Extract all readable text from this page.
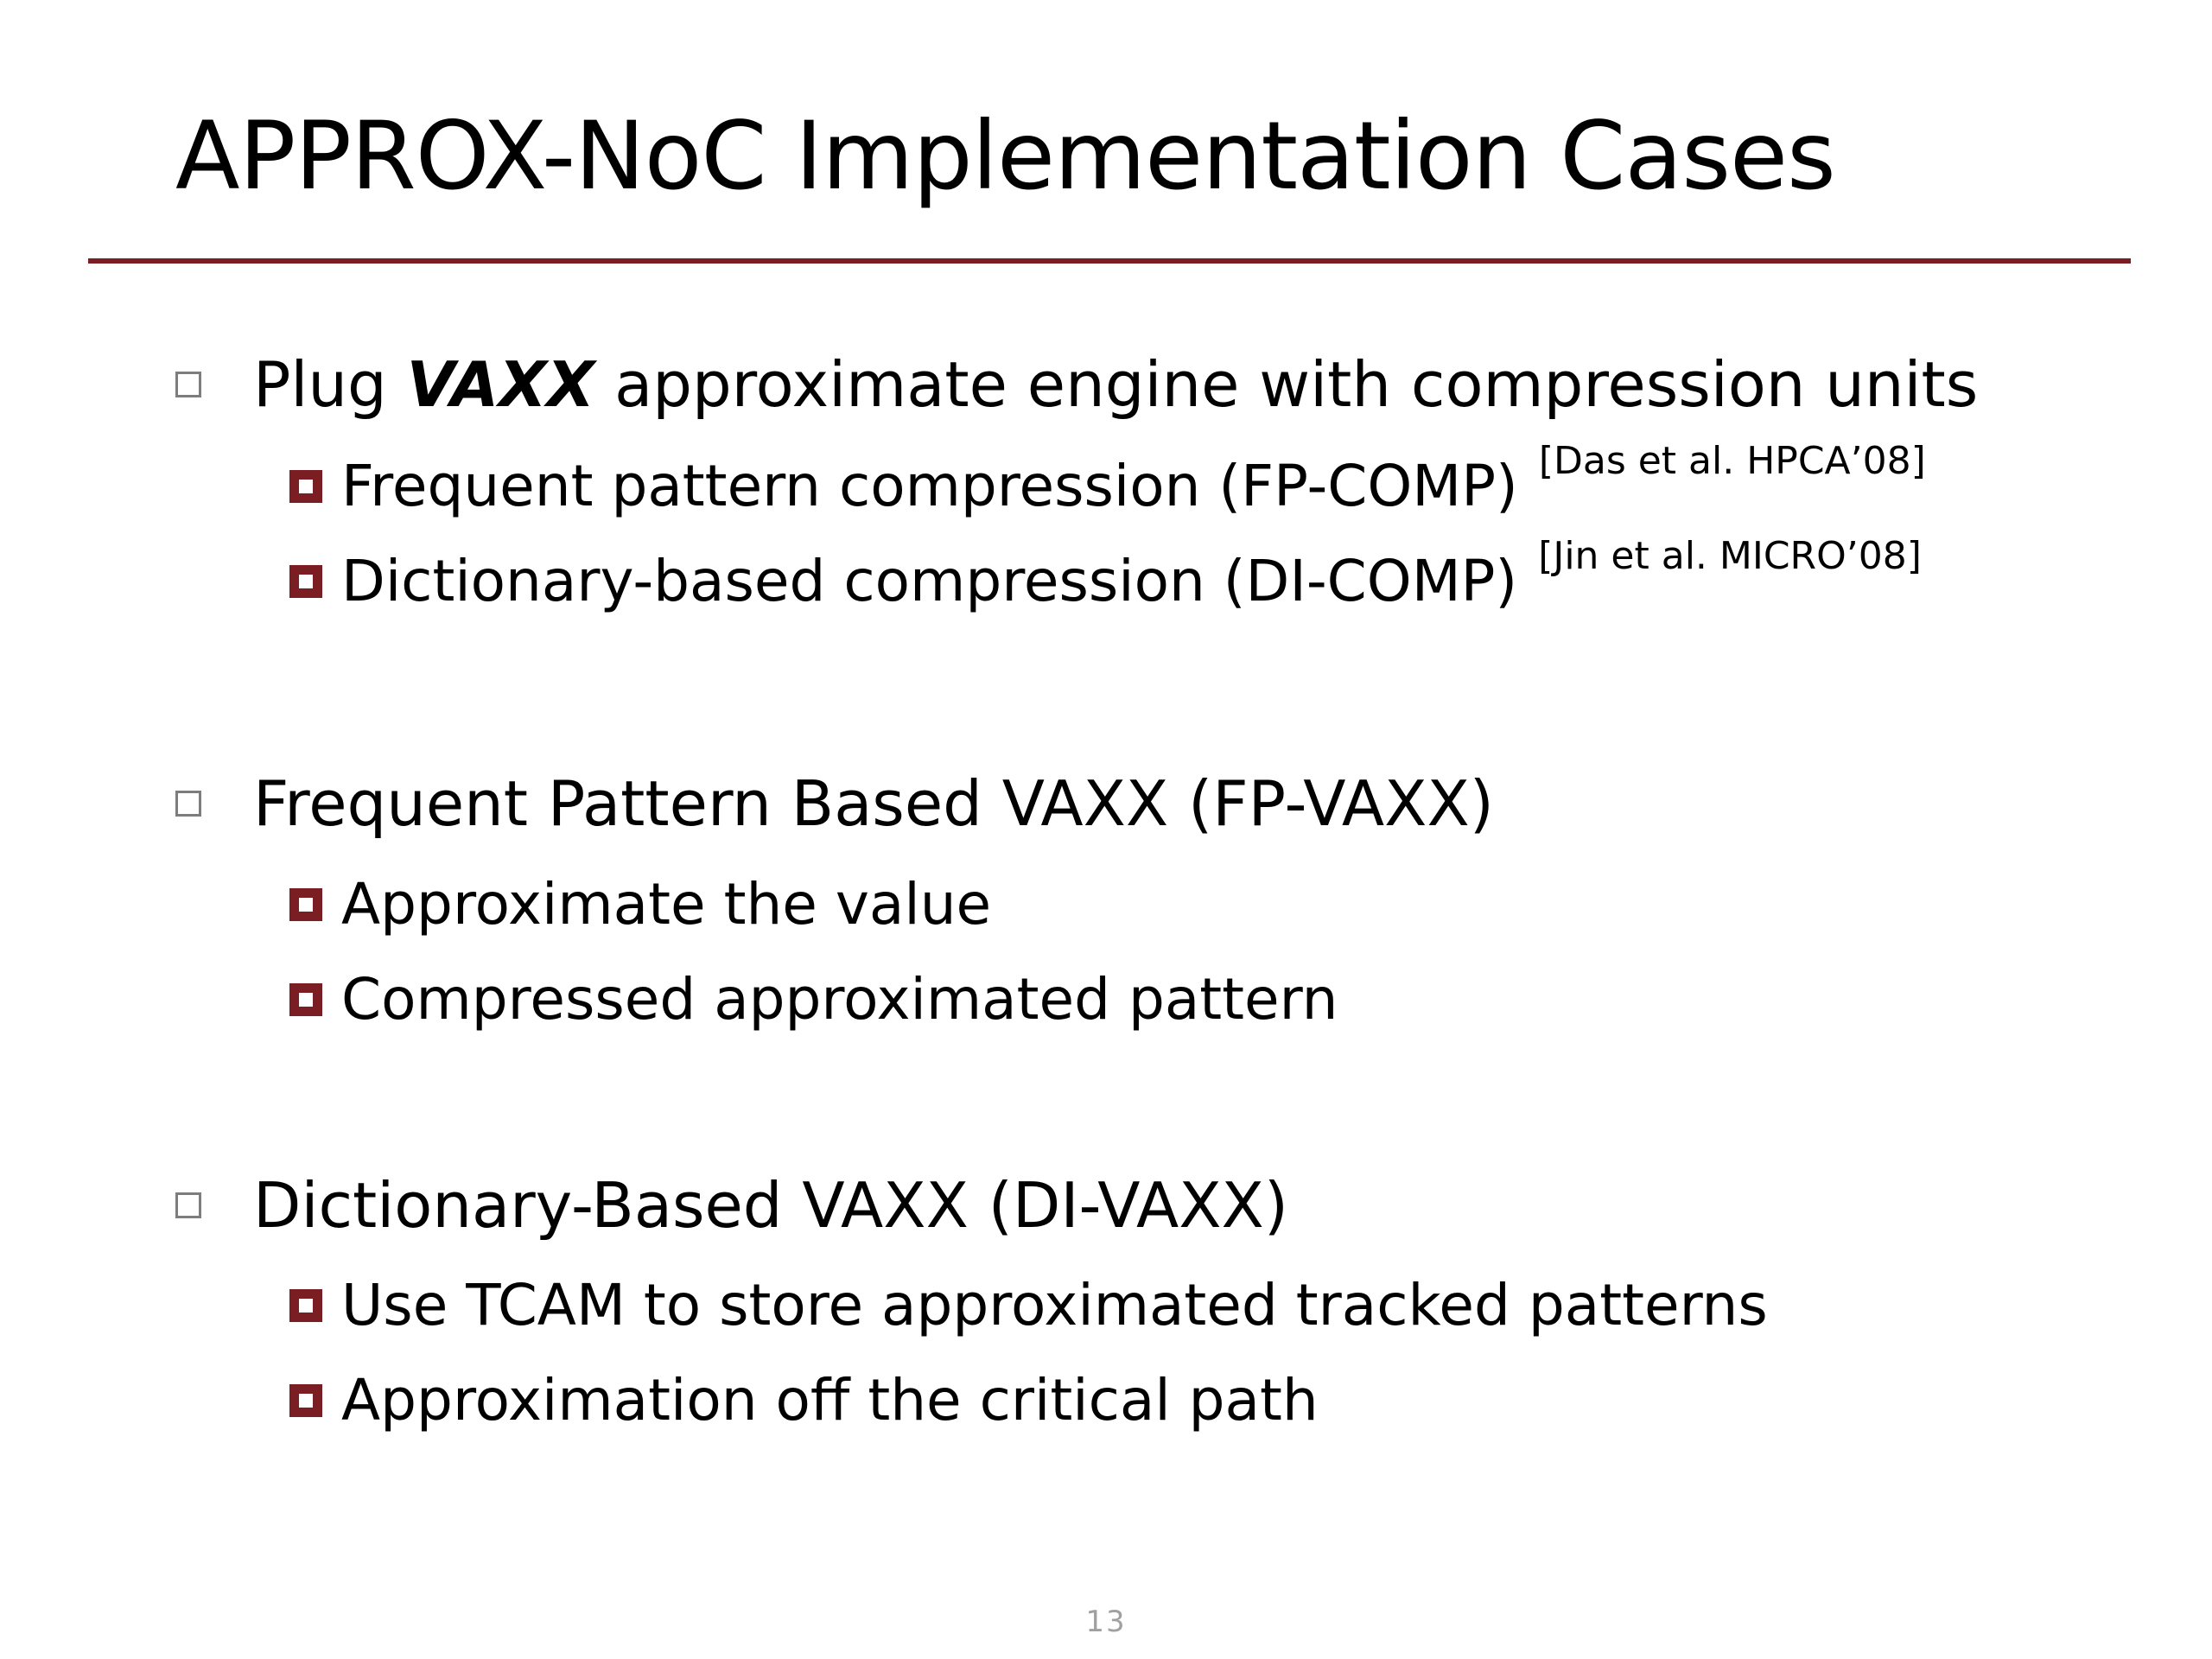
APPROX-NoC Implementation Cases
Plug VAXX approximate engine with compression units
Frequent pattern compression (FP-COMP) [Das et al. HPCA’08]
Dictionary-based compression (DI-COMP) [Jin et al. MICRO’08]
Frequent Pattern Based VAXX (FP-VAXX)
Approximate the value
Compressed approximated pattern
Dictionary-Based VAXX (DI-VAXX)
Use TCAM to store approximated tracked patterns
Approximation off the critical path
13
